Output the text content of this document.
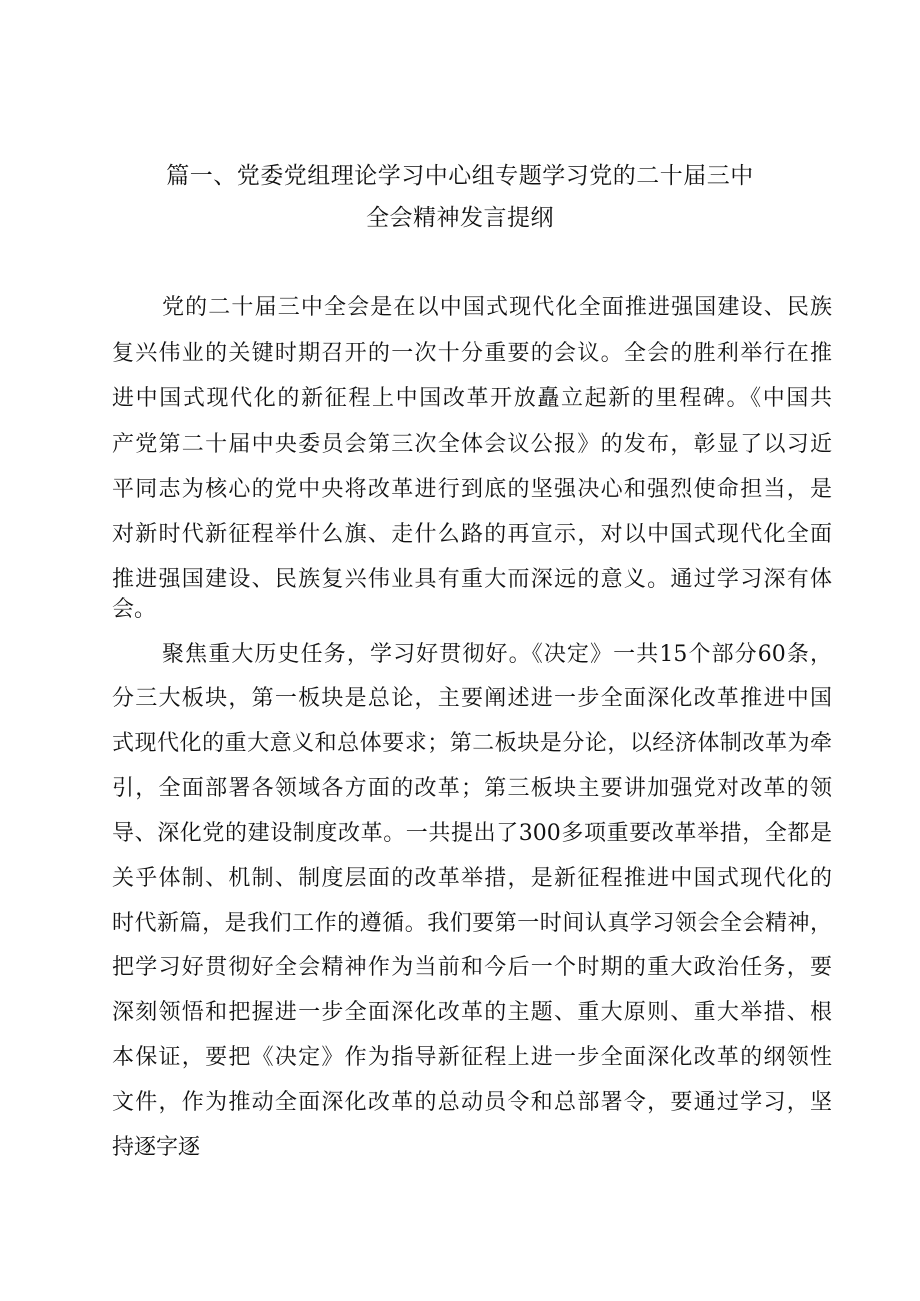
篇一、党委党组理论学习中心组专题学习党的二十届三中
全会精神发言提纲
党的二十届三中全会是在以中国式现代化全面推进强国建设、民族
复兴伟业的关键时期召开的一次十分重要的会议。全会的胜利举行在推
进中国式现代化的新征程上中国改革开放矗立起新的里程碑。《中国共
产党第二十届中央委员会第三次全体会议公报》的发布，彰显了以习近
平同志为核心的党中央将改革进行到底的坚强决心和强烈使命担当，是
对新时代新征程举什么旗、走什么路的再宣示，对以中国式现代化全面
推进强国建设、民族复兴伟业具有重大而深远的意义。通过学习深有体
会。
聚焦重大历史任务，学习好贯彻好。《决定》一共15个部分60条，
分三大板块，第一板块是总论，主要阐述进一步全面深化改革推进中国
式现代化的重大意义和总体要求；第二板块是分论，以经济体制改革为牵
引，全面部署各领域各方面的改革；第三板块主要讲加强党对改革的领
导、深化党的建设制度改革。一共提出了300多项重要改革举措，全都是
关乎体制、机制、制度层面的改革举措，是新征程推进中国式现代化的
时代新篇，是我们工作的遵循。我们要第一时间认真学习领会全会精神，
把学习好贯彻好全会精神作为当前和今后一个时期的重大政治任务，要
深刻领悟和把握进一步全面深化改革的主题、重大原则、重大举措、根
本保证，要把《决定》作为指导新征程上进一步全面深化改革的纲领性
文件，作为推动全面深化改革的总动员令和总部署令，要通过学习，坚
持逐字逐
